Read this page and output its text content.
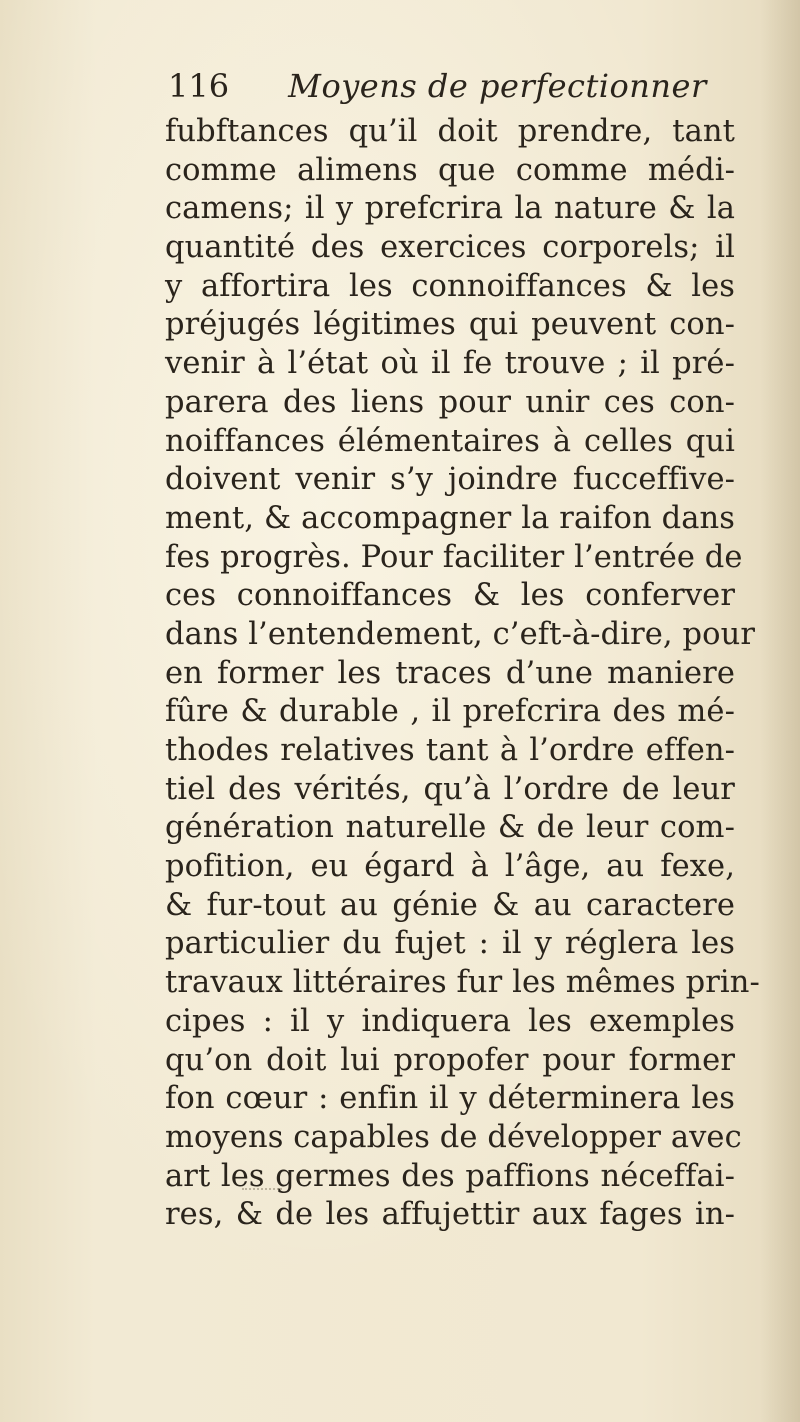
116 Moyens de perfectionner
fubftances qu’il doit prendre, tant
comme alimens que comme médi-
camens; il y prefcrira la nature & la
quantité des exercices corporels; il
y affortira les connoiffances & les
préjugés légitimes qui peuvent con-
venir à l’état où il fe trouve ; il pré-
parera des liens pour unir ces con-
noiffances élémentaires à celles qui
doivent venir s’y joindre fucceffive-
ment, & accompagner la raifon dans
fes progrès. Pour faciliter l’entrée de
ces connoiffances & les conferver
dans l’entendement, c’eft-à-dire, pour
en former les traces d’une maniere
fûre & durable , il prefcrira des mé-
thodes relatives tant à l’ordre effen-
tiel des vérités, qu’à l’ordre de leur
génération naturelle & de leur com-
pofition, eu égard à l’âge, au fexe,
& fur-tout au génie & au caractere
particulier du fujet : il y réglera les
travaux littéraires fur les mêmes prin-
cipes : il y indiquera les exemples
qu’on doit lui propofer pour former
fon cœur : enfin il y déterminera les
moyens capables de développer avec
art les germes des paffions néceffai-
res, & de les affujettir aux fages in-
